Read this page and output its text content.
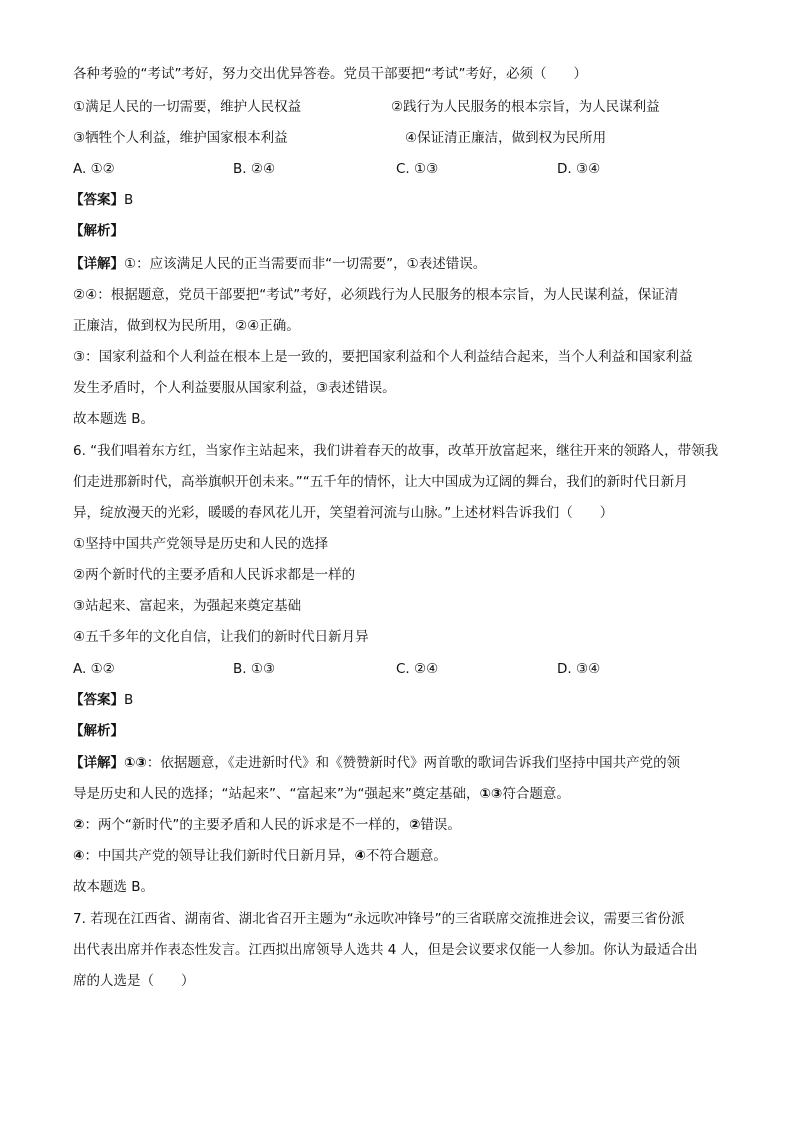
各种考验的“考试”考好，努力交出优异答卷。党员干部要把“考试”考好，必须（　　）
①满足人民的一切需要，维护人民权益	②践行为人民服务的根本宗旨，为人民谋利益
③牺牲个人利益，维护国家根本利益	④保证清正廉洁，做到权为民所用
A. ①②	B. ②④	C. ①③	D. ③④
【答案】B
【解析】
【详解】①：应该满足人民的正当需要而非“一切需要”，①表述错误。
②④：根据题意，党员干部要把“考试”考好，必须践行为人民服务的根本宗旨，为人民谋利益，保证清
正廉洁，做到权为民所用，②④正确。
③：国家利益和个人利益在根本上是一致的，要把国家利益和个人利益结合起来，当个人利益和国家利益
发生矛盾时，个人利益要服从国家利益，③表述错误。
故本题选 B。
6. “我们唱着东方红，当家作主站起来，我们讲着春天的故事，改革开放富起来，继往开来的领路人，带领我
们走进那新时代，高举旗帜开创未来。”“五千年的情怀，让大中国成为辽阔的舞台，我们的新时代日新月
异，绽放漫天的光彩，暖暖的春风花儿开，笑望着河流与山脉。”上述材料告诉我们（　　）
①坚持中国共产党领导是历史和人民的选择
②两个新时代的主要矛盾和人民诉求都是一样的
③站起来、富起来，为强起来奠定基础
④五千多年的文化自信，让我们的新时代日新月异
A. ①②	B. ①③	C. ②④	D. ③④
【答案】B
【解析】
【详解】①③：依据题意，《走进新时代》和《赞赞新时代》两首歌的歌词告诉我们坚持中国共产党的领
导是历史和人民的选择；“站起来”、“富起来”为“强起来”奠定基础，①③符合题意。
②：两个“新时代”的主要矛盾和人民的诉求是不一样的，②错误。
④：中国共产党的领导让我们新时代日新月异，④不符合题意。
故本题选 B。
7. 若现在江西省、湖南省、湖北省召开主题为“永远吹冲锋号”的三省联席交流推进会议，需要三省份派
出代表出席并作表态性发言。江西拟出席领导人选共 4 人，但是会议要求仅能一人参加。你认为最适合出
席的人选是（　　）
